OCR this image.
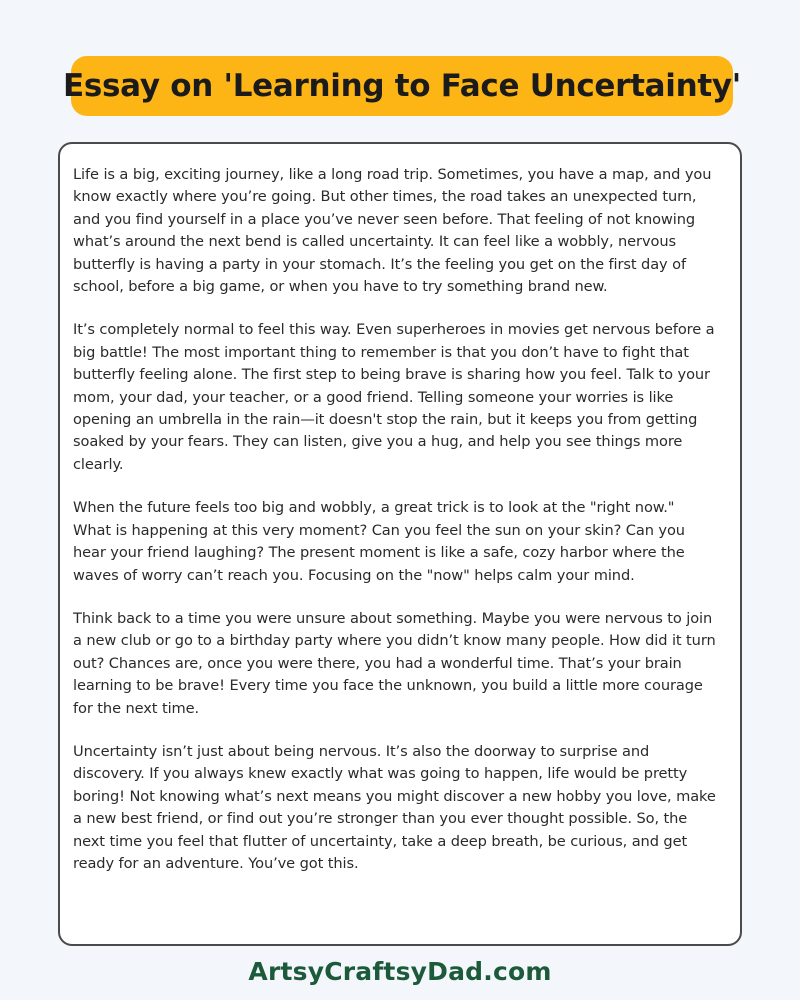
Essay on 'Learning to Face Uncertainty'

Life is a big, exciting journey, like a long road trip. Sometimes, you have a map, and you know exactly where you’re going. But other times, the road takes an unexpected turn, and you find yourself in a place you’ve never seen before. That feeling of not knowing what’s around the next bend is called uncertainty. It can feel like a wobbly, nervous butterfly is having a party in your stomach. It’s the feeling you get on the first day of school, before a big game, or when you have to try something brand new.

It’s completely normal to feel this way. Even superheroes in movies get nervous before a big battle! The most important thing to remember is that you don’t have to fight that butterfly feeling alone. The first step to being brave is sharing how you feel. Talk to your mom, your dad, your teacher, or a good friend. Telling someone your worries is like opening an umbrella in the rain—it doesn't stop the rain, but it keeps you from getting soaked by your fears. They can listen, give you a hug, and help you see things more clearly.

When the future feels too big and wobbly, a great trick is to look at the "right now." What is happening at this very moment? Can you feel the sun on your skin? Can you hear your friend laughing? The present moment is like a safe, cozy harbor where the waves of worry can’t reach you. Focusing on the "now" helps calm your mind.

Think back to a time you were unsure about something. Maybe you were nervous to join a new club or go to a birthday party where you didn’t know many people. How did it turn out? Chances are, once you were there, you had a wonderful time. That’s your brain learning to be brave! Every time you face the unknown, you build a little more courage for the next time.

Uncertainty isn’t just about being nervous. It’s also the doorway to surprise and discovery. If you always knew exactly what was going to happen, life would be pretty boring! Not knowing what’s next means you might discover a new hobby you love, make a new best friend, or find out you’re stronger than you ever thought possible. So, the next time you feel that flutter of uncertainty, take a deep breath, be curious, and get ready for an adventure. You’ve got this.

ArtsyCraftsyDad.com
